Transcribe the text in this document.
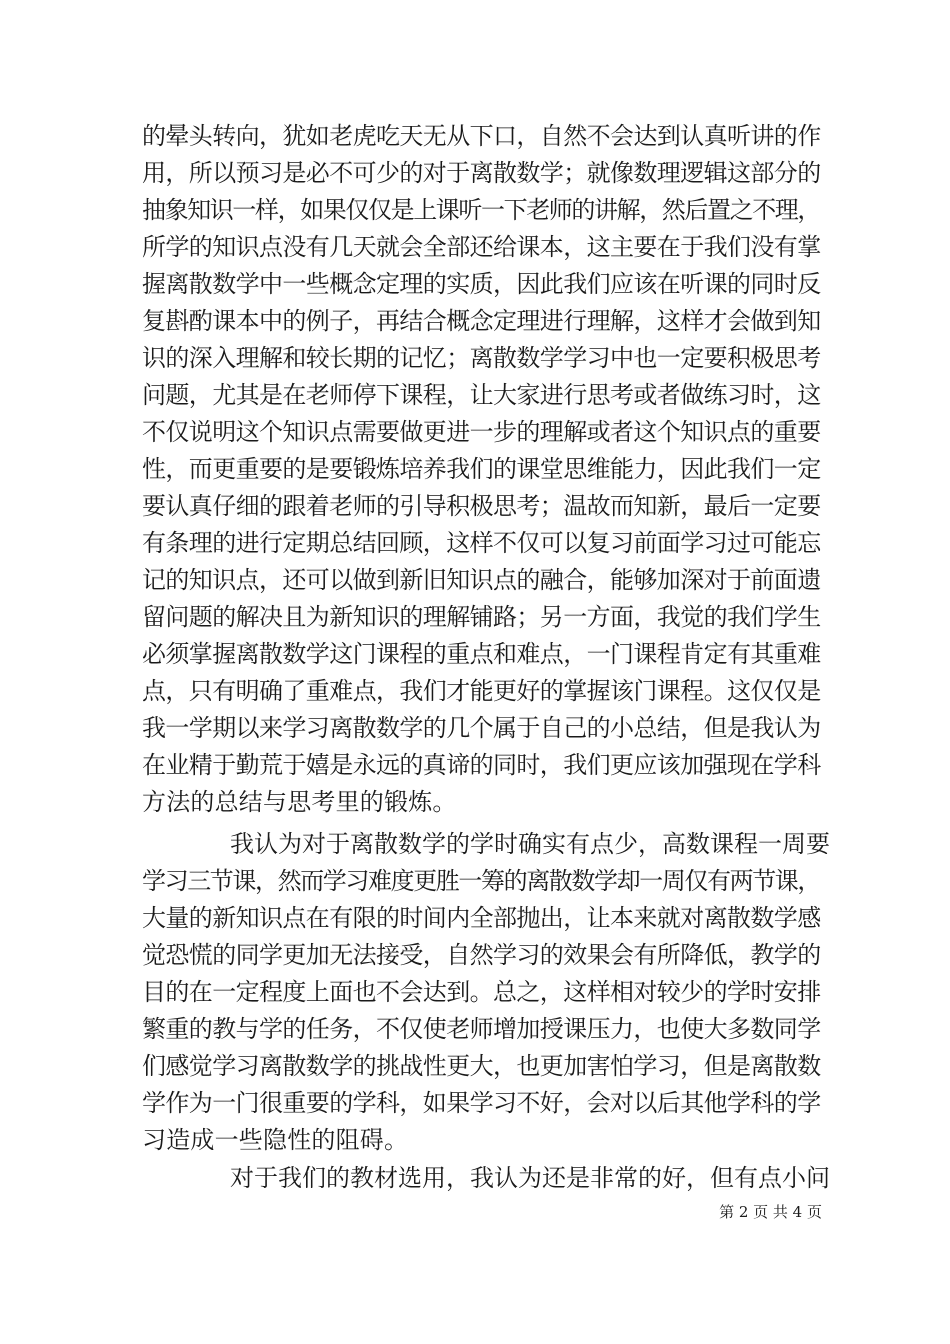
的晕头转向，犹如老虎吃天无从下口，自然不会达到认真听讲的作
用，所以预习是必不可少的对于离散数学；就像数理逻辑这部分的
抽象知识一样，如果仅仅是上课听一下老师的讲解，然后置之不理，
所学的知识点没有几天就会全部还给课本，这主要在于我们没有掌
握离散数学中一些概念定理的实质，因此我们应该在听课的同时反
复斟酌课本中的例子，再结合概念定理进行理解，这样才会做到知
识的深入理解和较长期的记忆；离散数学学习中也一定要积极思考
问题，尤其是在老师停下课程，让大家进行思考或者做练习时，这
不仅说明这个知识点需要做更进一步的理解或者这个知识点的重要
性，而更重要的是要锻炼培养我们的课堂思维能力，因此我们一定
要认真仔细的跟着老师的引导积极思考；温故而知新，最后一定要
有条理的进行定期总结回顾，这样不仅可以复习前面学习过可能忘
记的知识点，还可以做到新旧知识点的融合，能够加深对于前面遗
留问题的解决且为新知识的理解铺路；另一方面，我觉的我们学生
必须掌握离散数学这门课程的重点和难点，一门课程肯定有其重难
点，只有明确了重难点，我们才能更好的掌握该门课程。这仅仅是
我一学期以来学习离散数学的几个属于自己的小总结，但是我认为
在业精于勤荒于嬉是永远的真谛的同时，我们更应该加强现在学科
方法的总结与思考里的锻炼。
我认为对于离散数学的学时确实有点少，高数课程一周要
学习三节课，然而学习难度更胜一筹的离散数学却一周仅有两节课，
大量的新知识点在有限的时间内全部抛出，让本来就对离散数学感
觉恐慌的同学更加无法接受，自然学习的效果会有所降低，教学的
目的在一定程度上面也不会达到。总之，这样相对较少的学时安排
繁重的教与学的任务，不仅使老师增加授课压力，也使大多数同学
们感觉学习离散数学的挑战性更大，也更加害怕学习，但是离散数
学作为一门很重要的学科，如果学习不好，会对以后其他学科的学
习造成一些隐性的阻碍。
对于我们的教材选用，我认为还是非常的好，但有点小问
第 2 页 共 4 页
